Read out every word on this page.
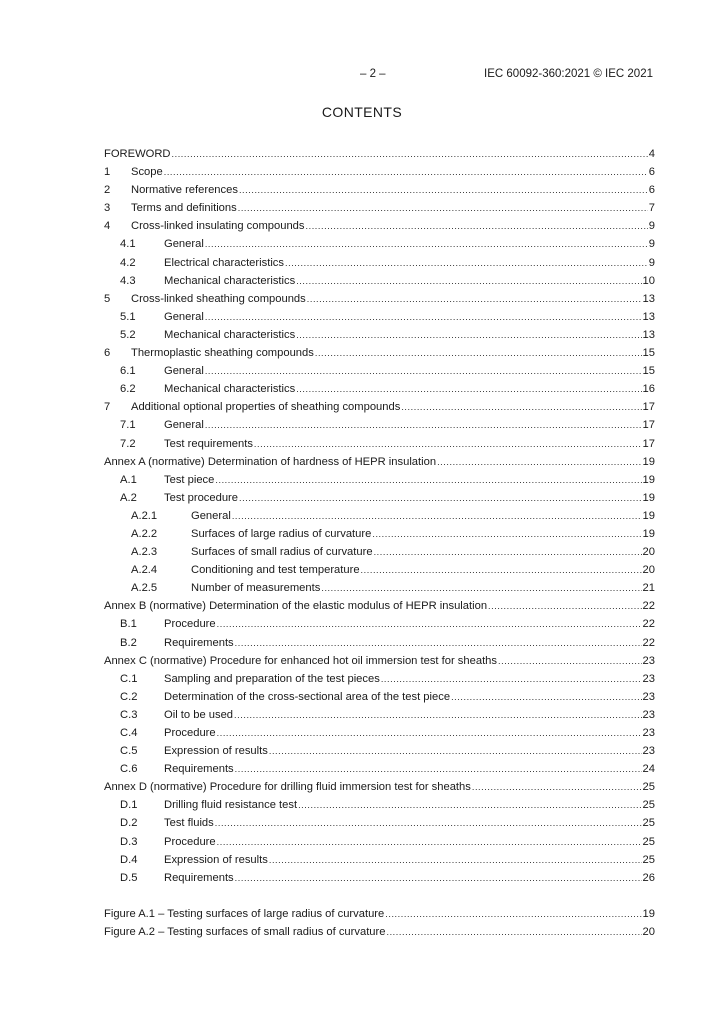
– 2 –	IEC 60092-360:2021 © IEC 2021
CONTENTS
FOREWORD .....	4
1	Scope .....	6
2	Normative references .....	6
3	Terms and definitions .....	7
4	Cross-linked insulating compounds .....	9
4.1	General .....	9
4.2	Electrical characteristics .....	9
4.3	Mechanical characteristics .....	10
5	Cross-linked sheathing compounds .....	13
5.1	General .....	13
5.2	Mechanical characteristics .....	13
6	Thermoplastic sheathing compounds .....	15
6.1	General .....	15
6.2	Mechanical characteristics .....	16
7	Additional optional properties of sheathing compounds .....	17
7.1	General .....	17
7.2	Test requirements .....	17
Annex A (normative) Determination of hardness of HEPR insulation .....	19
A.1	Test piece .....	19
A.2	Test procedure .....	19
A.2.1	General .....	19
A.2.2	Surfaces of large radius of curvature .....	19
A.2.3	Surfaces of small radius of curvature .....	20
A.2.4	Conditioning and test temperature .....	20
A.2.5	Number of measurements .....	21
Annex B (normative) Determination of the elastic modulus of HEPR insulation .....	22
B.1	Procedure .....	22
B.2	Requirements .....	22
Annex C (normative) Procedure for enhanced hot oil immersion test for sheaths .....	23
C.1	Sampling and preparation of the test pieces .....	23
C.2	Determination of the cross-sectional area of the test piece .....	23
C.3	Oil to be used .....	23
C.4	Procedure .....	23
C.5	Expression of results .....	23
C.6	Requirements .....	24
Annex D (normative) Procedure for drilling fluid immersion test for sheaths .....	25
D.1	Drilling fluid resistance test .....	25
D.2	Test fluids .....	25
D.3	Procedure .....	25
D.4	Expression of results .....	25
D.5	Requirements .....	26
Figure A.1 – Testing surfaces of large radius of curvature .....	19
Figure A.2 – Testing surfaces of small radius of curvature .....	20
